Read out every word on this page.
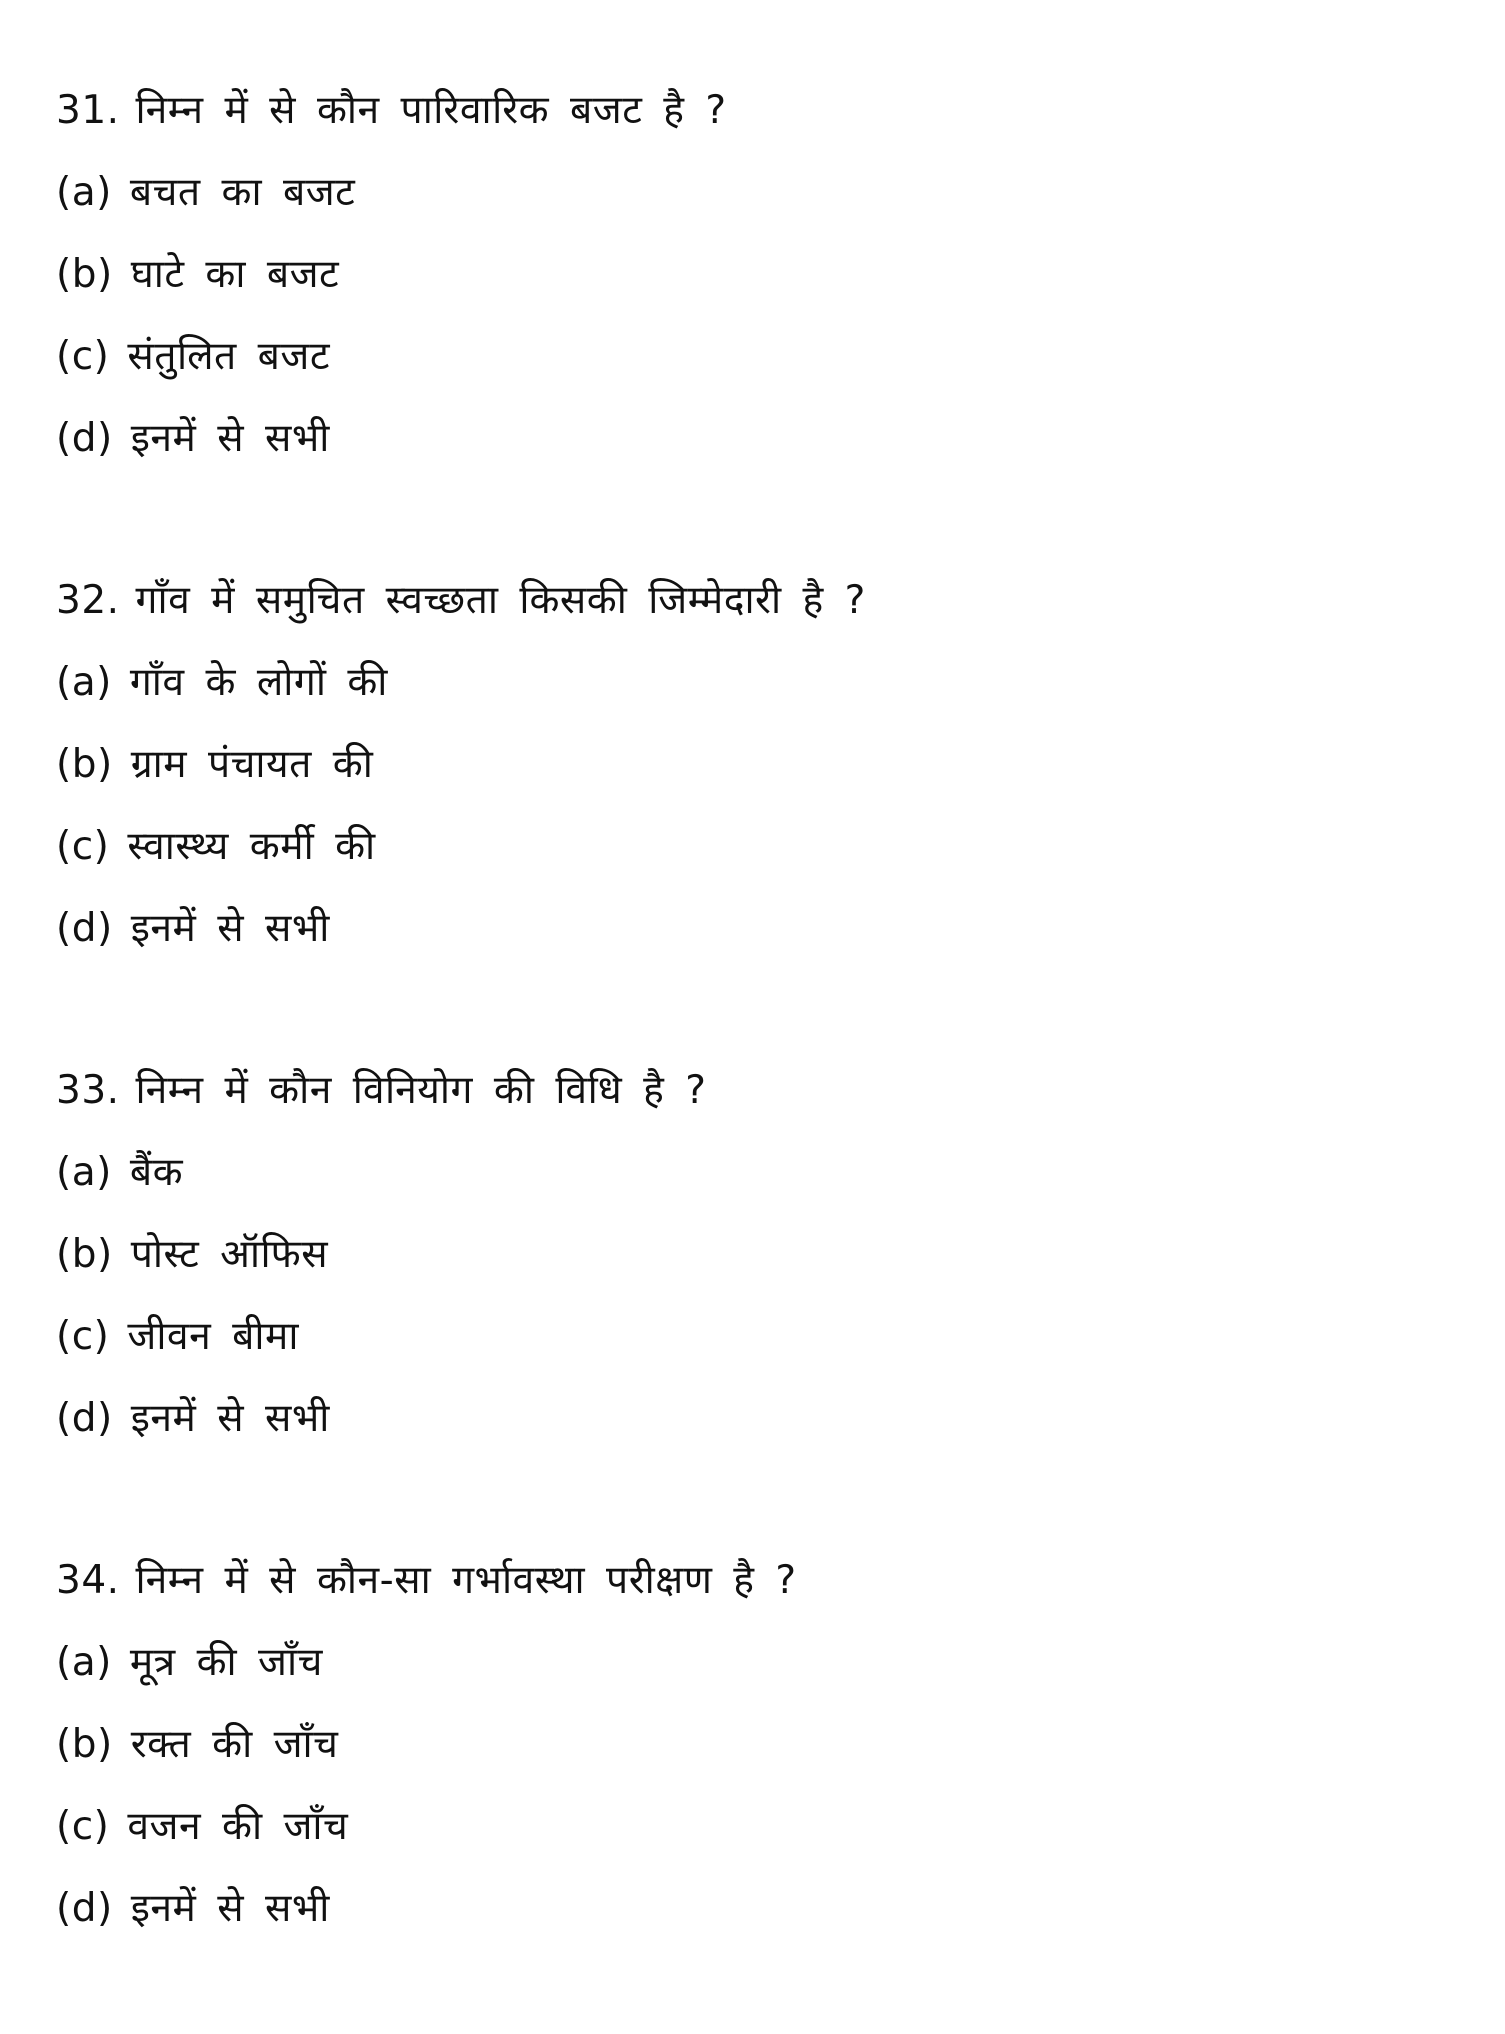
31. निम्न में से कौन पारिवारिक बजट है ?
(a) बचत का बजट
(b) घाटे का बजट
(c) संतुलित बजट
(d) इनमें से सभी
32. गाँव में समुचित स्वच्छता किसकी जिम्मेदारी है ?
(a) गाँव के लोगों की
(b) ग्राम पंचायत की
(c) स्वास्थ्य कर्मी की
(d) इनमें से सभी
33. निम्न में कौन विनियोग की विधि है ?
(a) बैंक
(b) पोस्ट ऑफिस
(c) जीवन बीमा
(d) इनमें से सभी
34. निम्न में से कौन-सा गर्भावस्था परीक्षण है ?
(a) मूत्र की जाँच
(b) रक्त की जाँच
(c) वजन की जाँच
(d) इनमें से सभी
